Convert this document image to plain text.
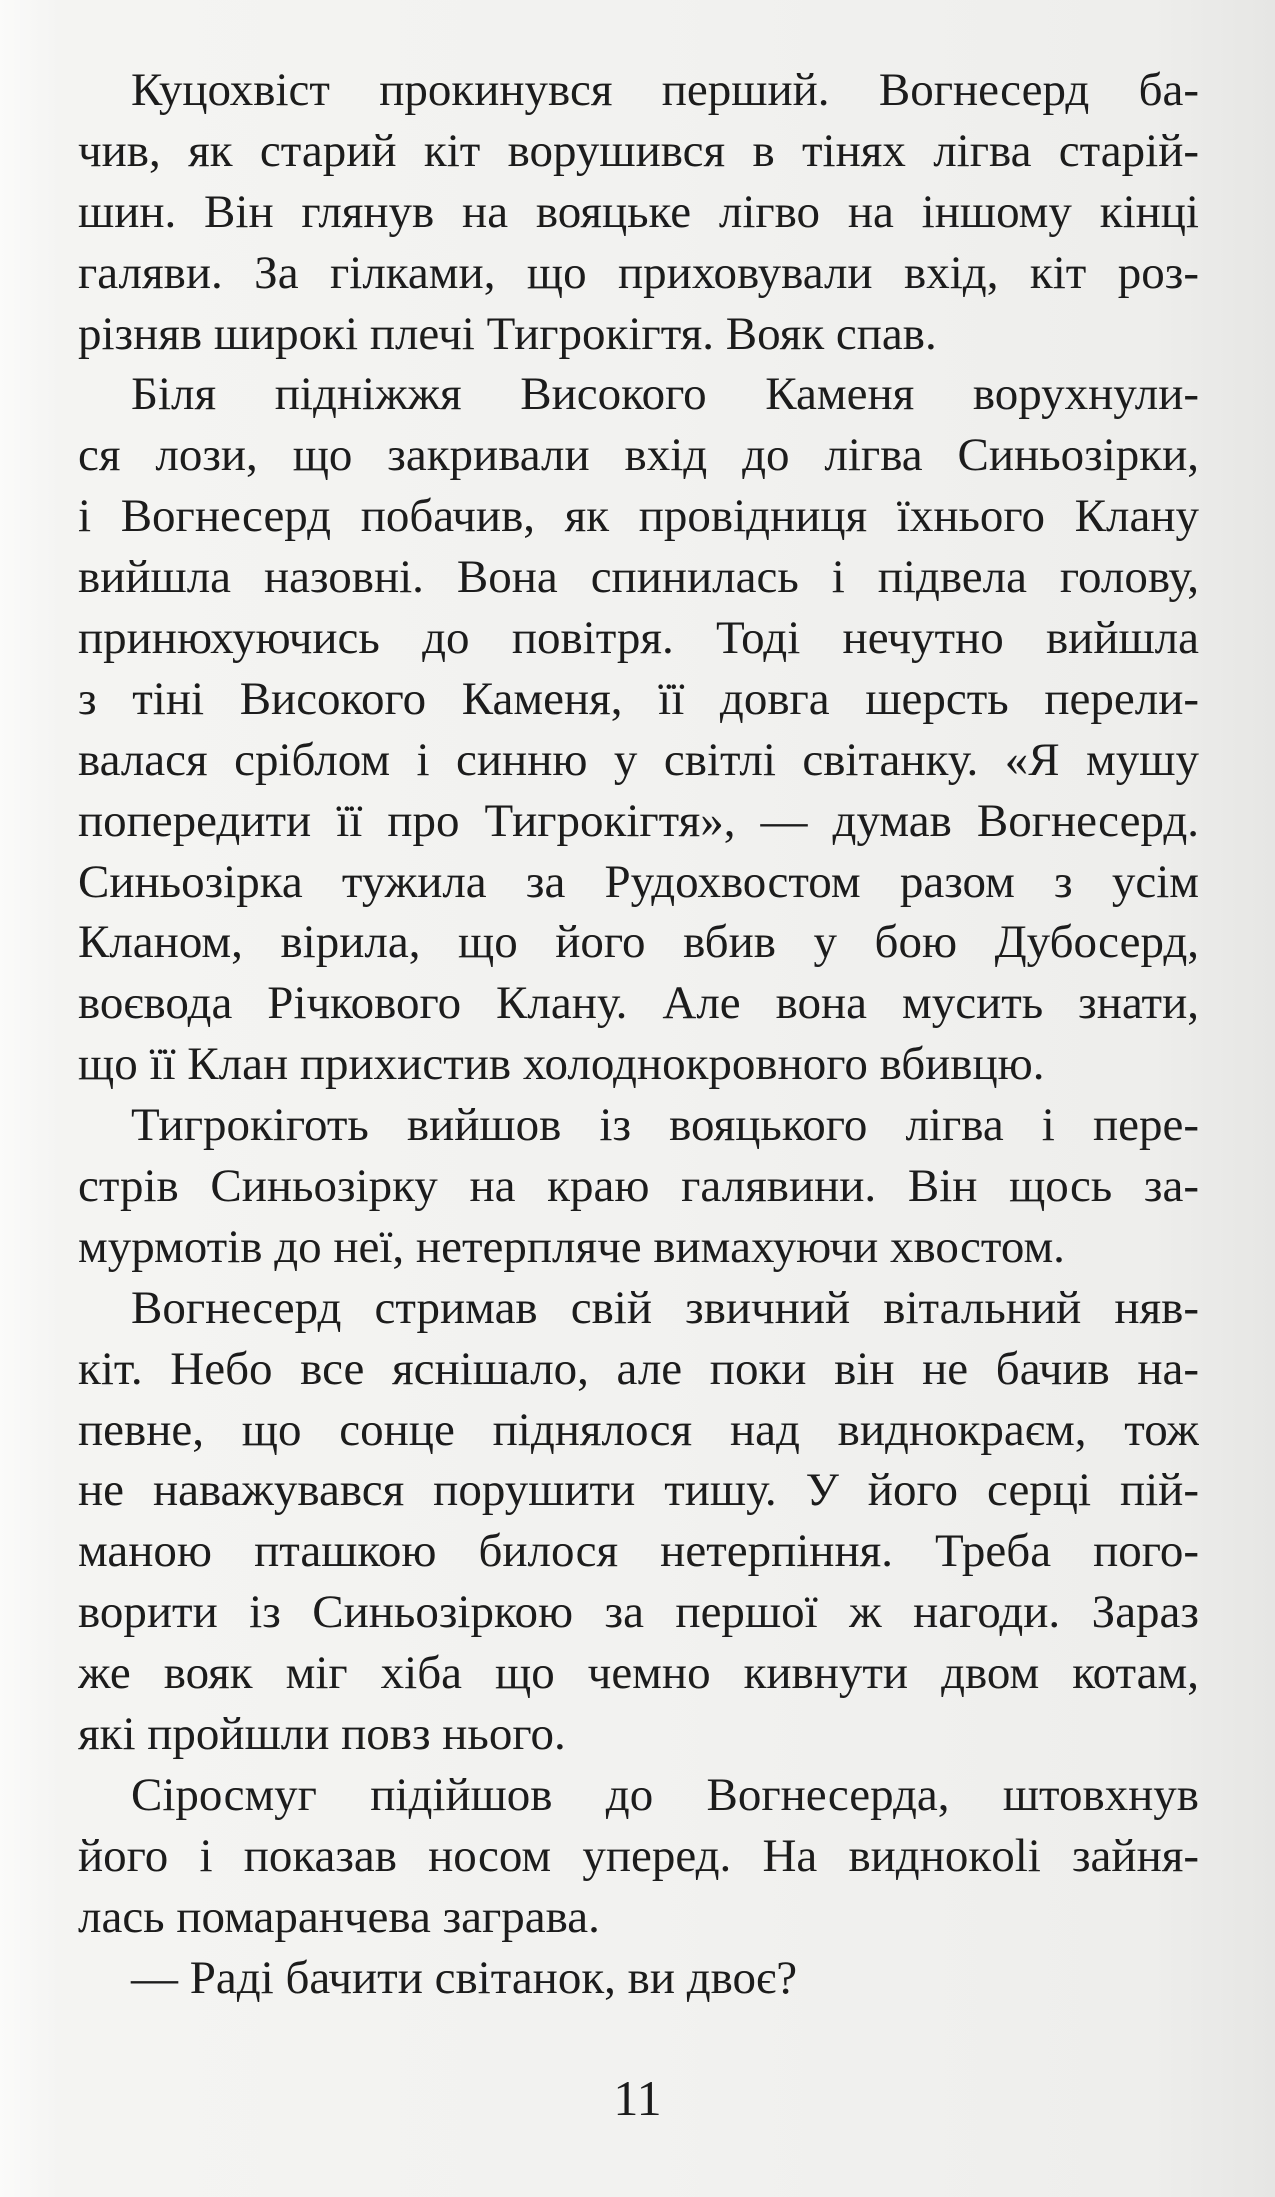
Куцохвіст прокинувся перший. Вогнесерд ба-
чив, як старий кіт ворушився в тінях лігва старій-
шин. Він глянув на вояцьке лігво на іншому кінці
галяви. За гілками, що приховували вхід, кіт роз-
різняв широкі плечі Тигрокігтя. Вояк спав.
Біля підніжжя Високого Каменя ворухнули-
ся лози, що закривали вхід до лігва Синьозірки,
і Вогнесерд побачив, як провідниця їхнього Клану
вийшла назовні. Вона спинилась і підвела голову,
принюхуючись до повітря. Тоді нечутно вийшла
з тіні Високого Каменя, її довга шерсть перели-
валася сріблом і синню у світлі світанку. «Я мушу
попередити її про Тигрокігтя», — думав Вогнесерд.
Синьозірка тужила за Рудохвостом разом з усім
Кланом, вірила, що його вбив у бою Дубосерд,
воєвода Річкового Клану. Але вона мусить знати,
що її Клан прихистив холоднокровного вбивцю.
Тигрокіготь вийшов із вояцького лігва і пере-
стрів Синьозірку на краю галявини. Він щось за-
мурмотів до неї, нетерпляче вимахуючи хвостом.
Вогнесерд стримав свій звичний вітальний няв-
кіт. Небо все яснішало, але поки він не бачив на-
певне, що сонце піднялося над виднокраєм, тож
не наважувався порушити тишу. У його серці пій-
маною пташкою билося нетерпіння. Треба пого-
ворити із Синьозіркою за першої ж нагоди. Зараз
же вояк міг хіба що чемно кивнути двом котам,
які пройшли повз нього.
Сіросмуг підійшов до Вогнесерда, штовхнув
його і показав носом уперед. На виднокolі зайня-
лась помаранчева заграва.
— Раді бачити світанок, ви двоє?
11
